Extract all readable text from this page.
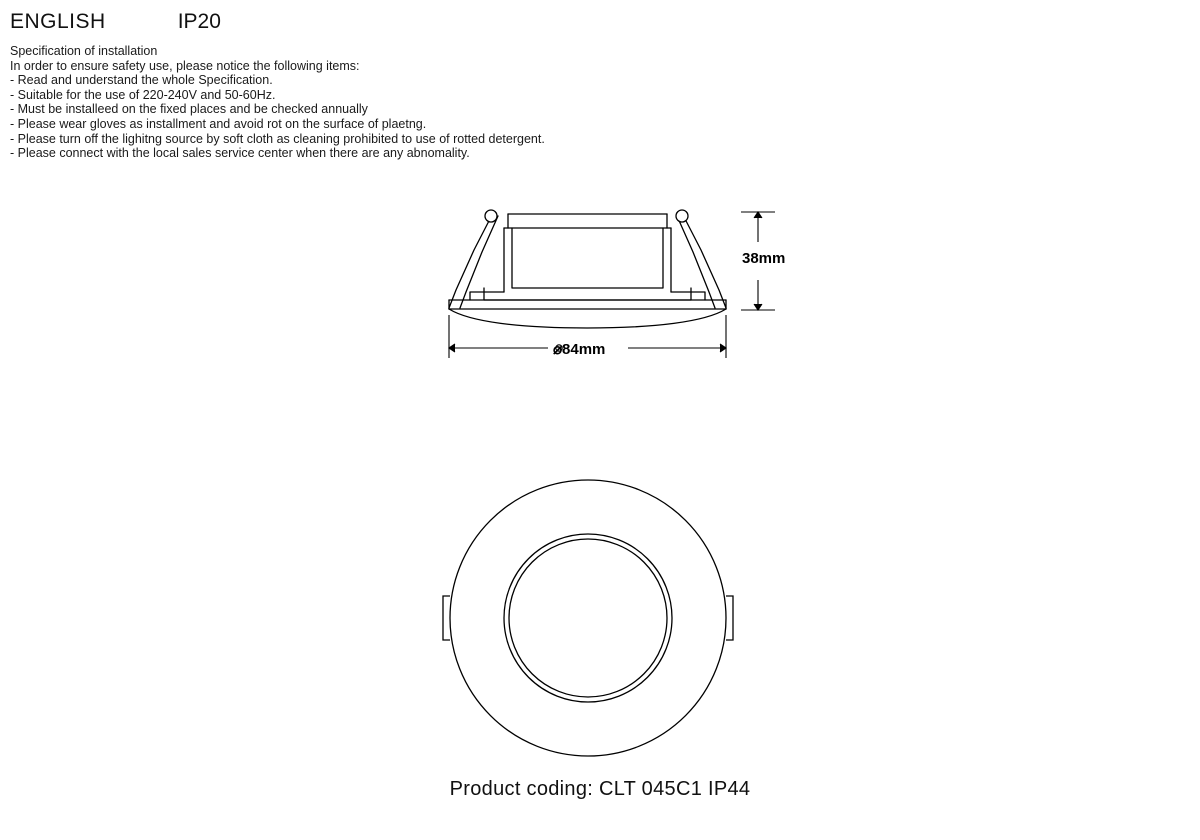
ENGLISH	IP20
Specification of installation
In order to ensure safety use, please notice the following items:
- Read and understand the whole Specification.
- Suitable for the use of 220-240V and 50-60Hz.
- Must be installeed on the fixed places and be checked annually
- Please wear gloves as installment and avoid rot on the surface of plaetng.
- Please turn off the lighitng source by soft cloth as cleaning prohibited to use of rotted detergent.
- Please connect with the local sales service center when there are any abnomality.
38mm
⌀84mm
Product coding: CLT 045C1 IP44
